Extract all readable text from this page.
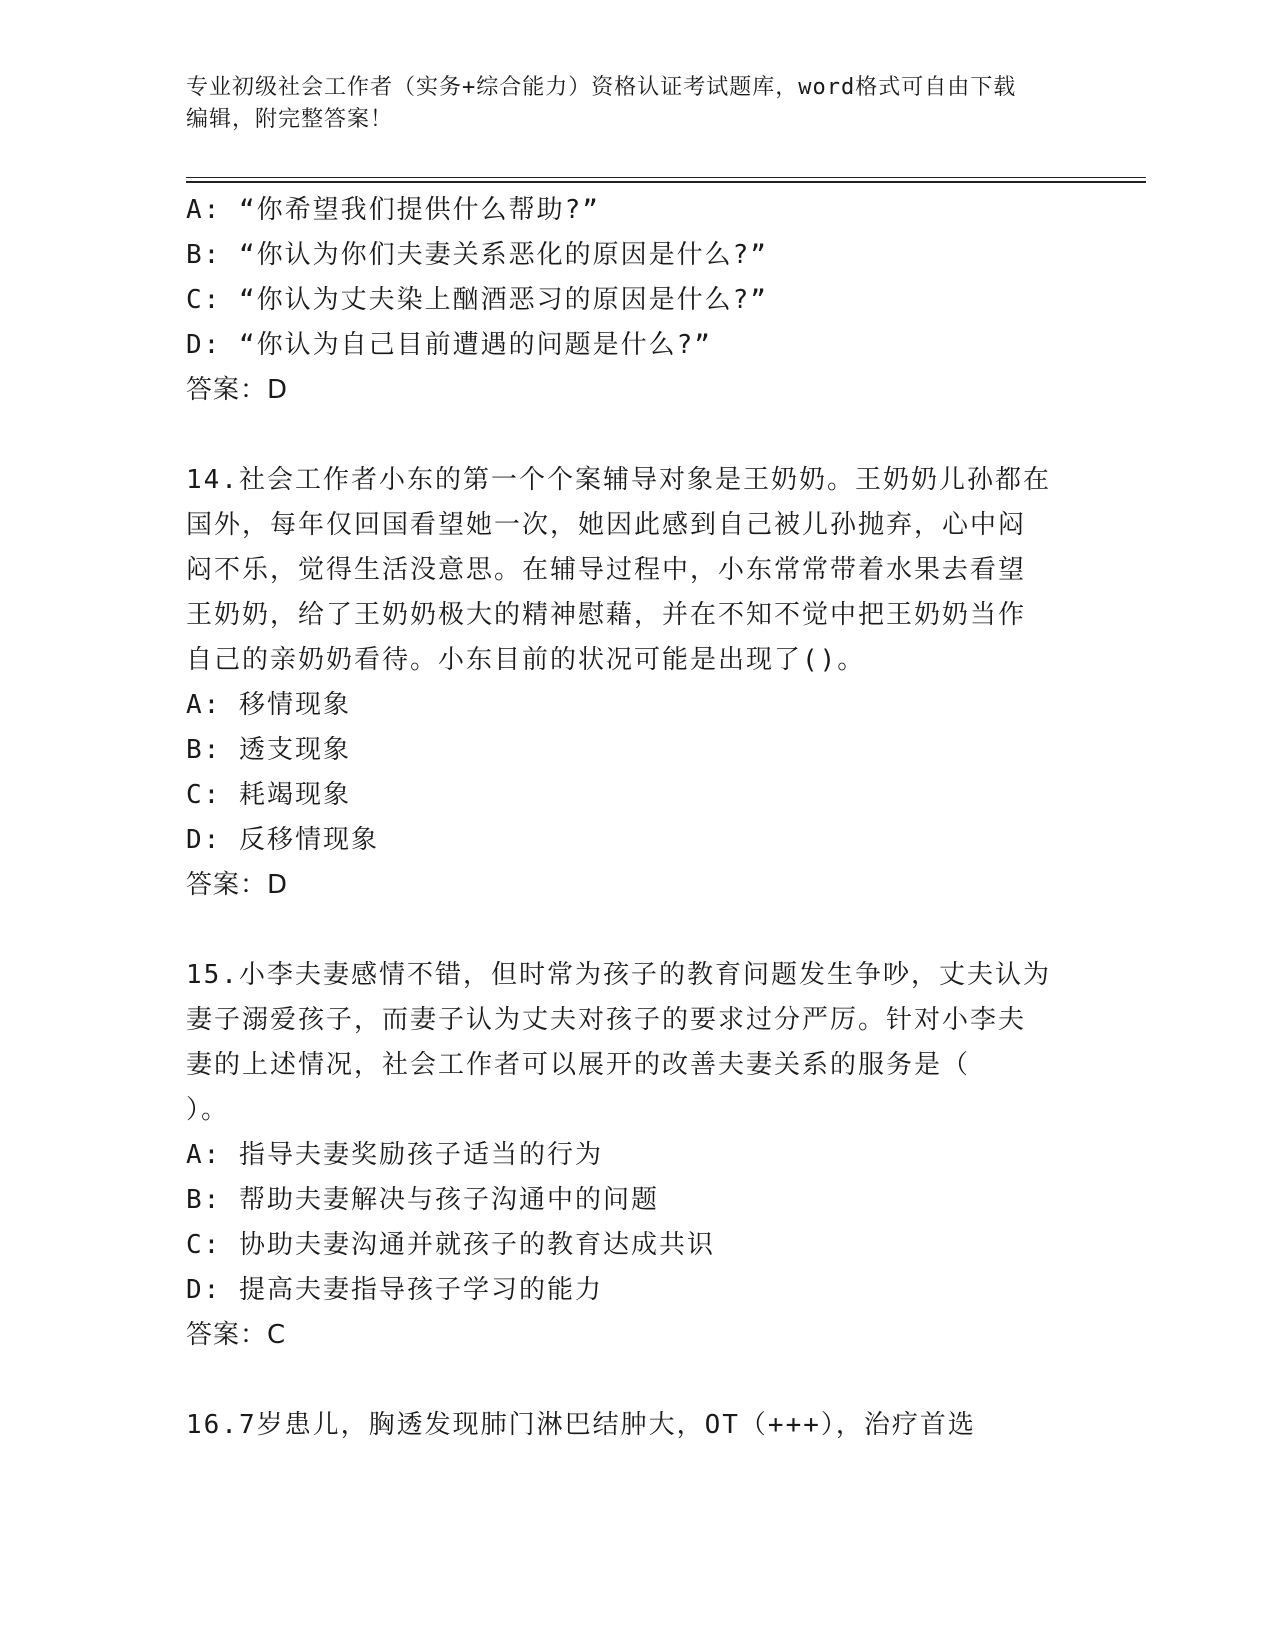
专业初级社会工作者（实务+综合能力）资格认证考试题库，word格式可自由下载
编辑，附完整答案！
A: “你希望我们提供什么帮助?”
B: “你认为你们夫妻关系恶化的原因是什么?”
C: “你认为丈夫染上酗酒恶习的原因是什么?”
D: “你认为自己目前遭遇的问题是什么?”
答案：D
14.社会工作者小东的第一个个案辅导对象是王奶奶。王奶奶儿孙都在
国外，每年仅回国看望她一次，她因此感到自己被儿孙抛弃，心中闷
闷不乐，觉得生活没意思。在辅导过程中，小东常常带着水果去看望
王奶奶，给了王奶奶极大的精神慰藉，并在不知不觉中把王奶奶当作
自己的亲奶奶看待。小东目前的状况可能是出现了()。
A: 移情现象
B: 透支现象
C: 耗竭现象
D: 反移情现象
答案：D
15.小李夫妻感情不错，但时常为孩子的教育问题发生争吵，丈夫认为
妻子溺爱孩子，而妻子认为丈夫对孩子的要求过分严厉。针对小李夫
妻的上述情况，社会工作者可以展开的改善夫妻关系的服务是（
）。
A: 指导夫妻奖励孩子适当的行为
B: 帮助夫妻解决与孩子沟通中的问题
C: 协助夫妻沟通并就孩子的教育达成共识
D: 提高夫妻指导孩子学习的能力
答案：C
16.7岁患儿，胸透发现肺门淋巴结肿大，OT（+++），治疗首选
